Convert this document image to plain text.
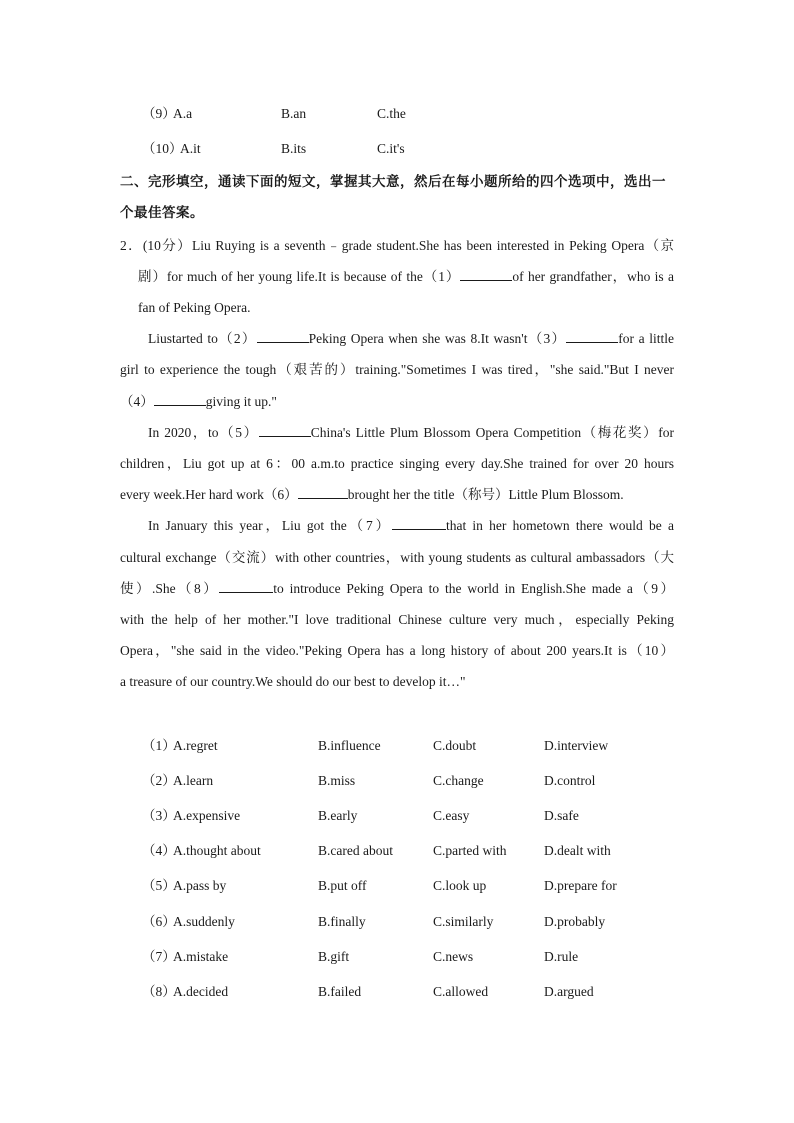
（9）
A.a	B.an	C.the
（10）
A.it	B.its	C.it's
二、完形填空，通读下面的短文，掌握其大意，然后在每小题所给的四个选项中，选出一
个最佳答案。
2．(10分）Liu Ruying is a seventh﹣grade student.She has been interested in Peking Opera（京
剧）for much of her young life.It is because of the（1）	of her grandfather，who is a
fan of Peking Opera.
Liustarted to（2）	Peking Opera when she was 8.It wasn't（3）	for a little
girl to experience the tough（艰苦的）training."Sometimes I was tired，"she said."But I never
（4）	giving it up."
In 2020，to（5）	China's Little Plum Blossom Opera Competition（梅花奖）for
children，Liu got up at 6：00 a.m.to practice singing every day.She trained for over 20 hours
every week.Her hard work（6）	brought her the title（称号）Little Plum Blossom.
In January this year，Liu got the（7）	that in her hometown there would be a
cultural exchange（交流）with other countries，with young students as cultural ambassadors（大
使）.She（8）	to introduce Peking Opera to the world in English.She made a（9）
with the help of her mother."I love traditional Chinese culture very much，especially Peking
Opera，"she said in the video."Peking Opera has a long history of about 200 years.It is（10）
a treasure of our country.We should do our best to develop it…"
（1）
A.regret	B.influence	C.doubt	D.interview
（2）
A.learn	B.miss	C.change	D.control
（3）
A.expensive	B.early	C.easy	D.safe
（4）
A.thought about	B.cared about	C.parted with	D.dealt with
（5）
A.pass by	B.put off	C.look up	D.prepare for
（6）
A.suddenly	B.finally	C.similarly	D.probably
（7）
A.mistake	B.gift	C.news	D.rule
（8）
A.decided	B.failed	C.allowed	D.argued
